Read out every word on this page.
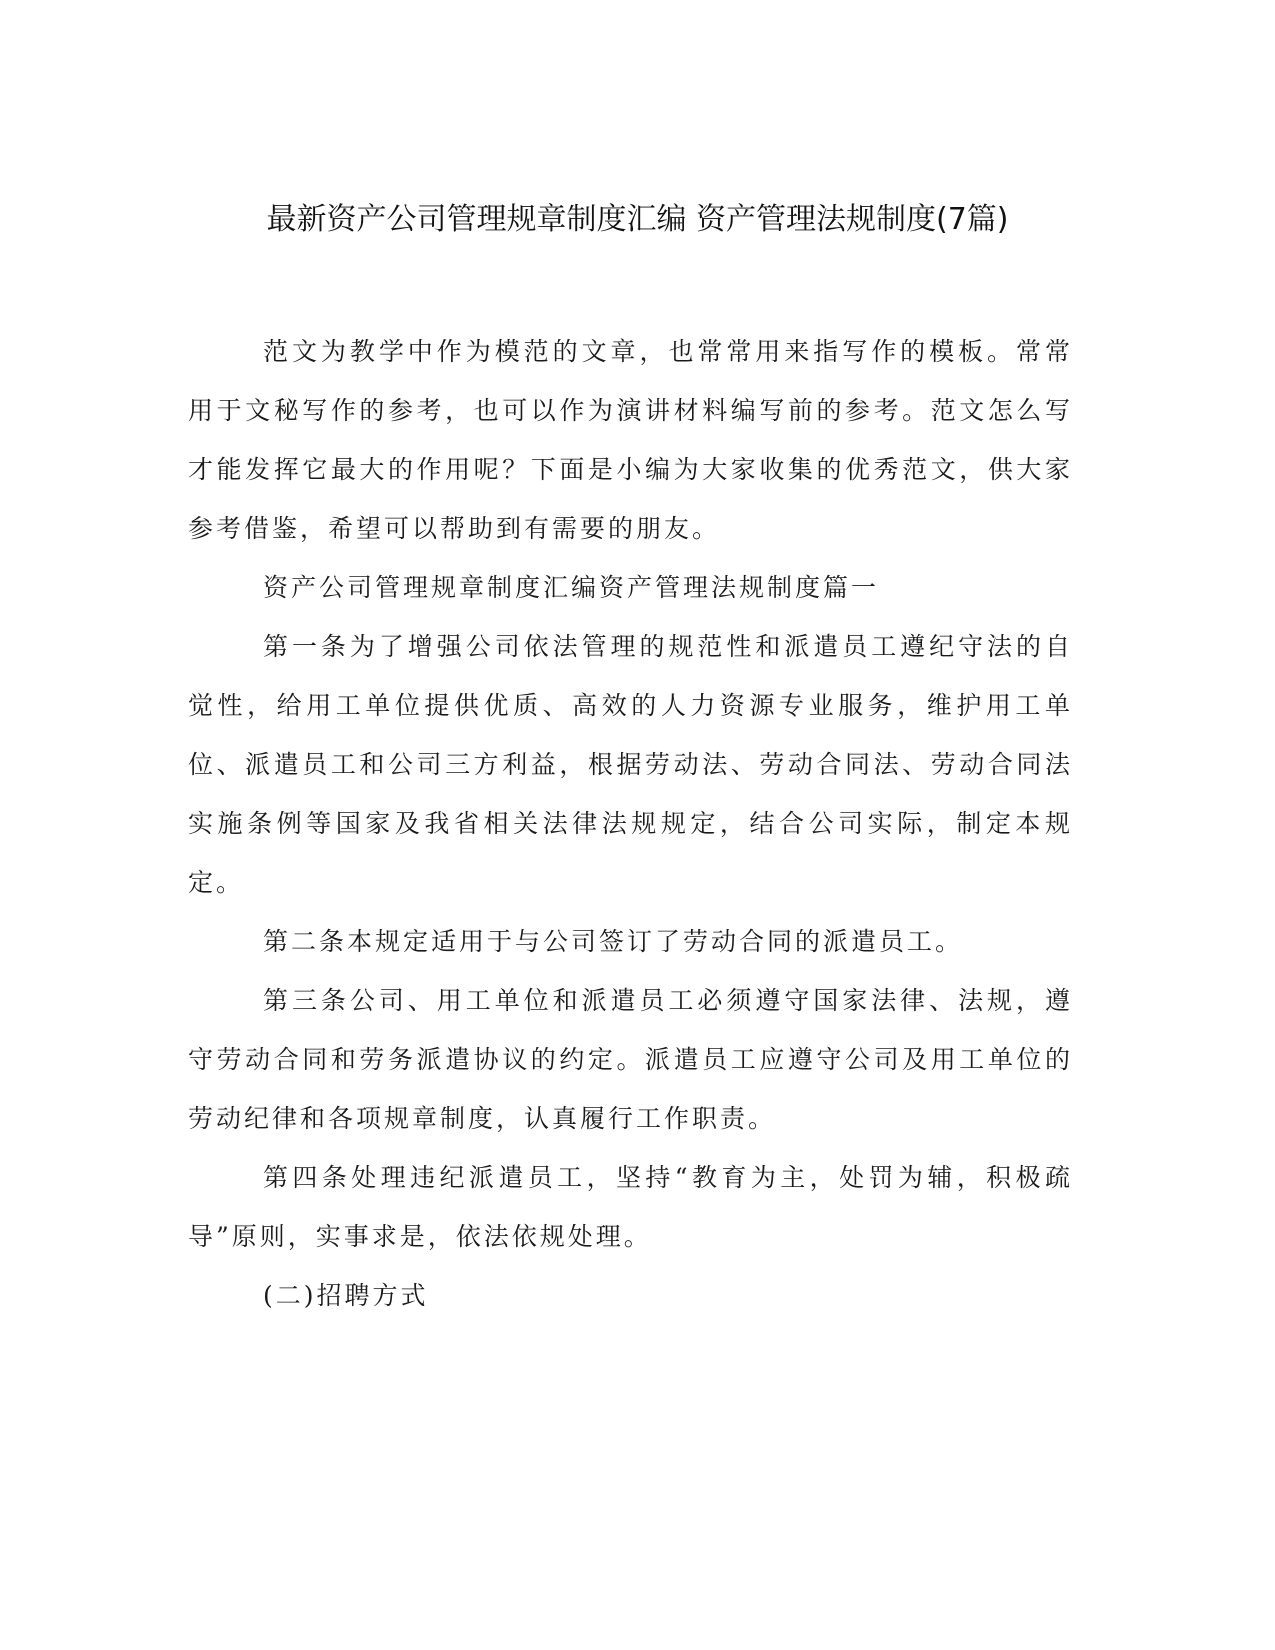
最新资产公司管理规章制度汇编 资产管理法规制度(7篇)

范文为教学中作为模范的文章，也常常用来指写作的模板。常常用于文秘写作的参考，也可以作为演讲材料编写前的参考。范文怎么写才能发挥它最大的作用呢？下面是小编为大家收集的优秀范文，供大家参考借鉴，希望可以帮助到有需要的朋友。

资产公司管理规章制度汇编资产管理法规制度篇一

第一条为了增强公司依法管理的规范性和派遣员工遵纪守法的自觉性，给用工单位提供优质、高效的人力资源专业服务，维护用工单位、派遣员工和公司三方利益，根据劳动法、劳动合同法、劳动合同法实施条例等国家及我省相关法律法规规定，结合公司实际，制定本规定。

第二条本规定适用于与公司签订了劳动合同的派遣员工。

第三条公司、用工单位和派遣员工必须遵守国家法律、法规，遵守劳动合同和劳务派遣协议的约定。派遣员工应遵守公司及用工单位的劳动纪律和各项规章制度，认真履行工作职责。

第四条处理违纪派遣员工，坚持“教育为主，处罚为辅，积极疏导”原则，实事求是，依法依规处理。

(二)招聘方式
